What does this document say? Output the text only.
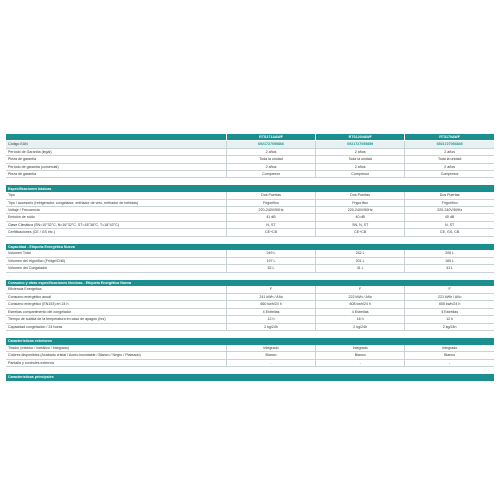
	RTS271AAWF	RTS1204AWF	RT3170AWF
Código EAN	6921727055866	6921727055859	6921727054845
Período de Garantía (legal)	2 años	2 años	2 años
Pieza de garantía	Toda la unidad	Toda la unidad	Toda la unidad
Período de garantía (comercial)	2 años	2 años	2 años
Pieza de garantía	Compresor	Compresor	Compresor

Especificaciones básicas			
Tipo	Dos Puertas	Dos Puertas	Dos Puertas
Tipo / accesorio (refrigerador, congelador, enfriador de vino, enfriador de bebidas)	Frigorífico	Frigorífico	Frigorífico
Voltaje / Frecuencia	220-240V/50Hz	220-240V/50Hz	220-240V/50Hz
Emisión de ruido	41 dB	40 dB	40 dB
Clase Climática (SN=10°32°C, N=16°32°C, ST=18°38°C, T=18°43°C)	N, ST	SN, N, ST	N, ST
Certificaciones (CE / GS etc.)	CE+CB	CE+CB	CE, GS, CB

Capacidad - Etiqueta Energética Nueva			
Volumen Total	249 L	242 L	206 L
Volumen del frigorífico (Fridge/Chill)	197 L	201 L	165 L
Volumen del Congelador	52 L	41 L	41 L

Consumo y otras especificaciones técnicas - Etiqueta Energética Nueva			
Eficiencia Energética	F	F	F
Consumo energético anual	241 kWh / Año	222 kWh / Año	221 kWh / Año
Consumo energético (EN153) en 24 h	660 kwh/24 h	608 kwh/24 h	605 kwh/24 h
Estrellas compartimento del congelador	4 Estrellas	4 Estrellas	4 Estrellas
Tiempo de subida de la temperatura en caso de apagón (hrs)	12 h	18 h	12 h
Capacidad congelación / 24 horas	2 kg/24h	2 kg/24h	2 kg/24h

Características exteriores			
Tirador (exterior / metálico / integrado)	Integrado	Integrado	Integrado
Colores disponibles (Acabado cristal / Acero inoxidable / Blanco / Negro / Plateado)	Blanco	Blanco	Blanco
Pantalla y controles externos	-	-	-

Características principales			
